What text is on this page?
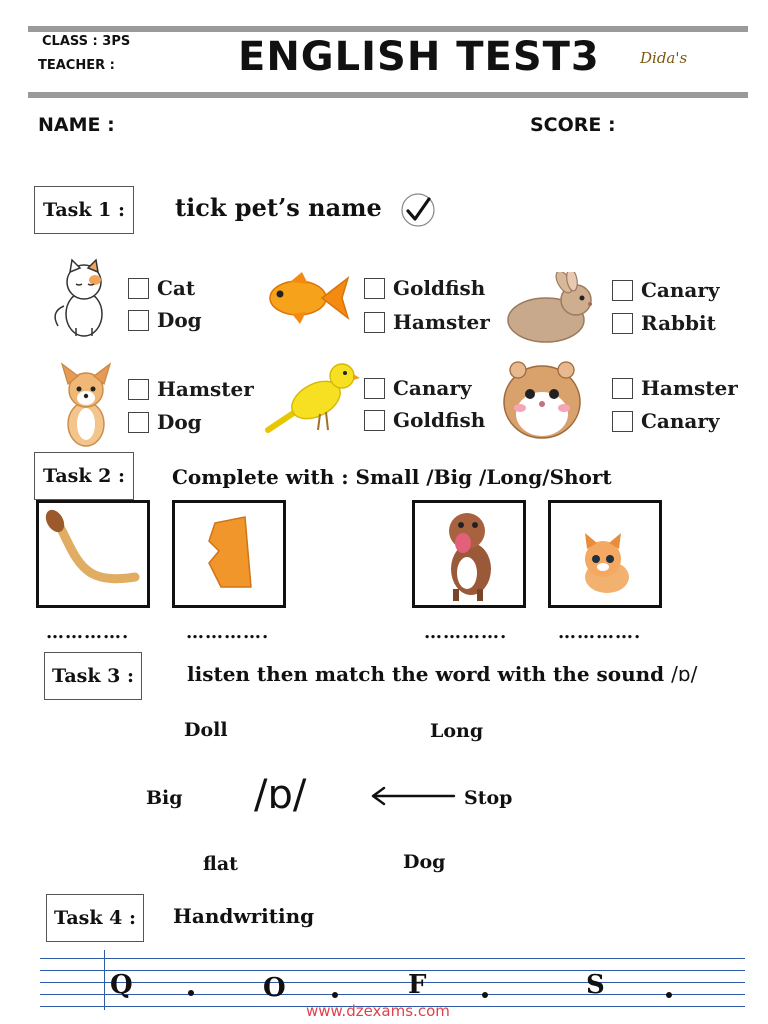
CLASS : 3PS
TEACHER :	ENGLISH TEST3	Dida's
NAME :	SCORE :
Task 1 :	tick pet’s name
Cat
Dog
Goldfish
Hamster
Canary
Rabbit
Hamster
Dog
Canary
Goldfish
Hamster
Canary
Task 2 :	Complete with : Small /Big /Long/Short
………….	………….	………….	………….
Task 3 :	listen then match the word with the sound /ɒ/
Doll	Long
Big /ɒ/	Stop
flat	Dog
Task 4 :	Handwriting
Q	O	F	S
www.dzexams.com
